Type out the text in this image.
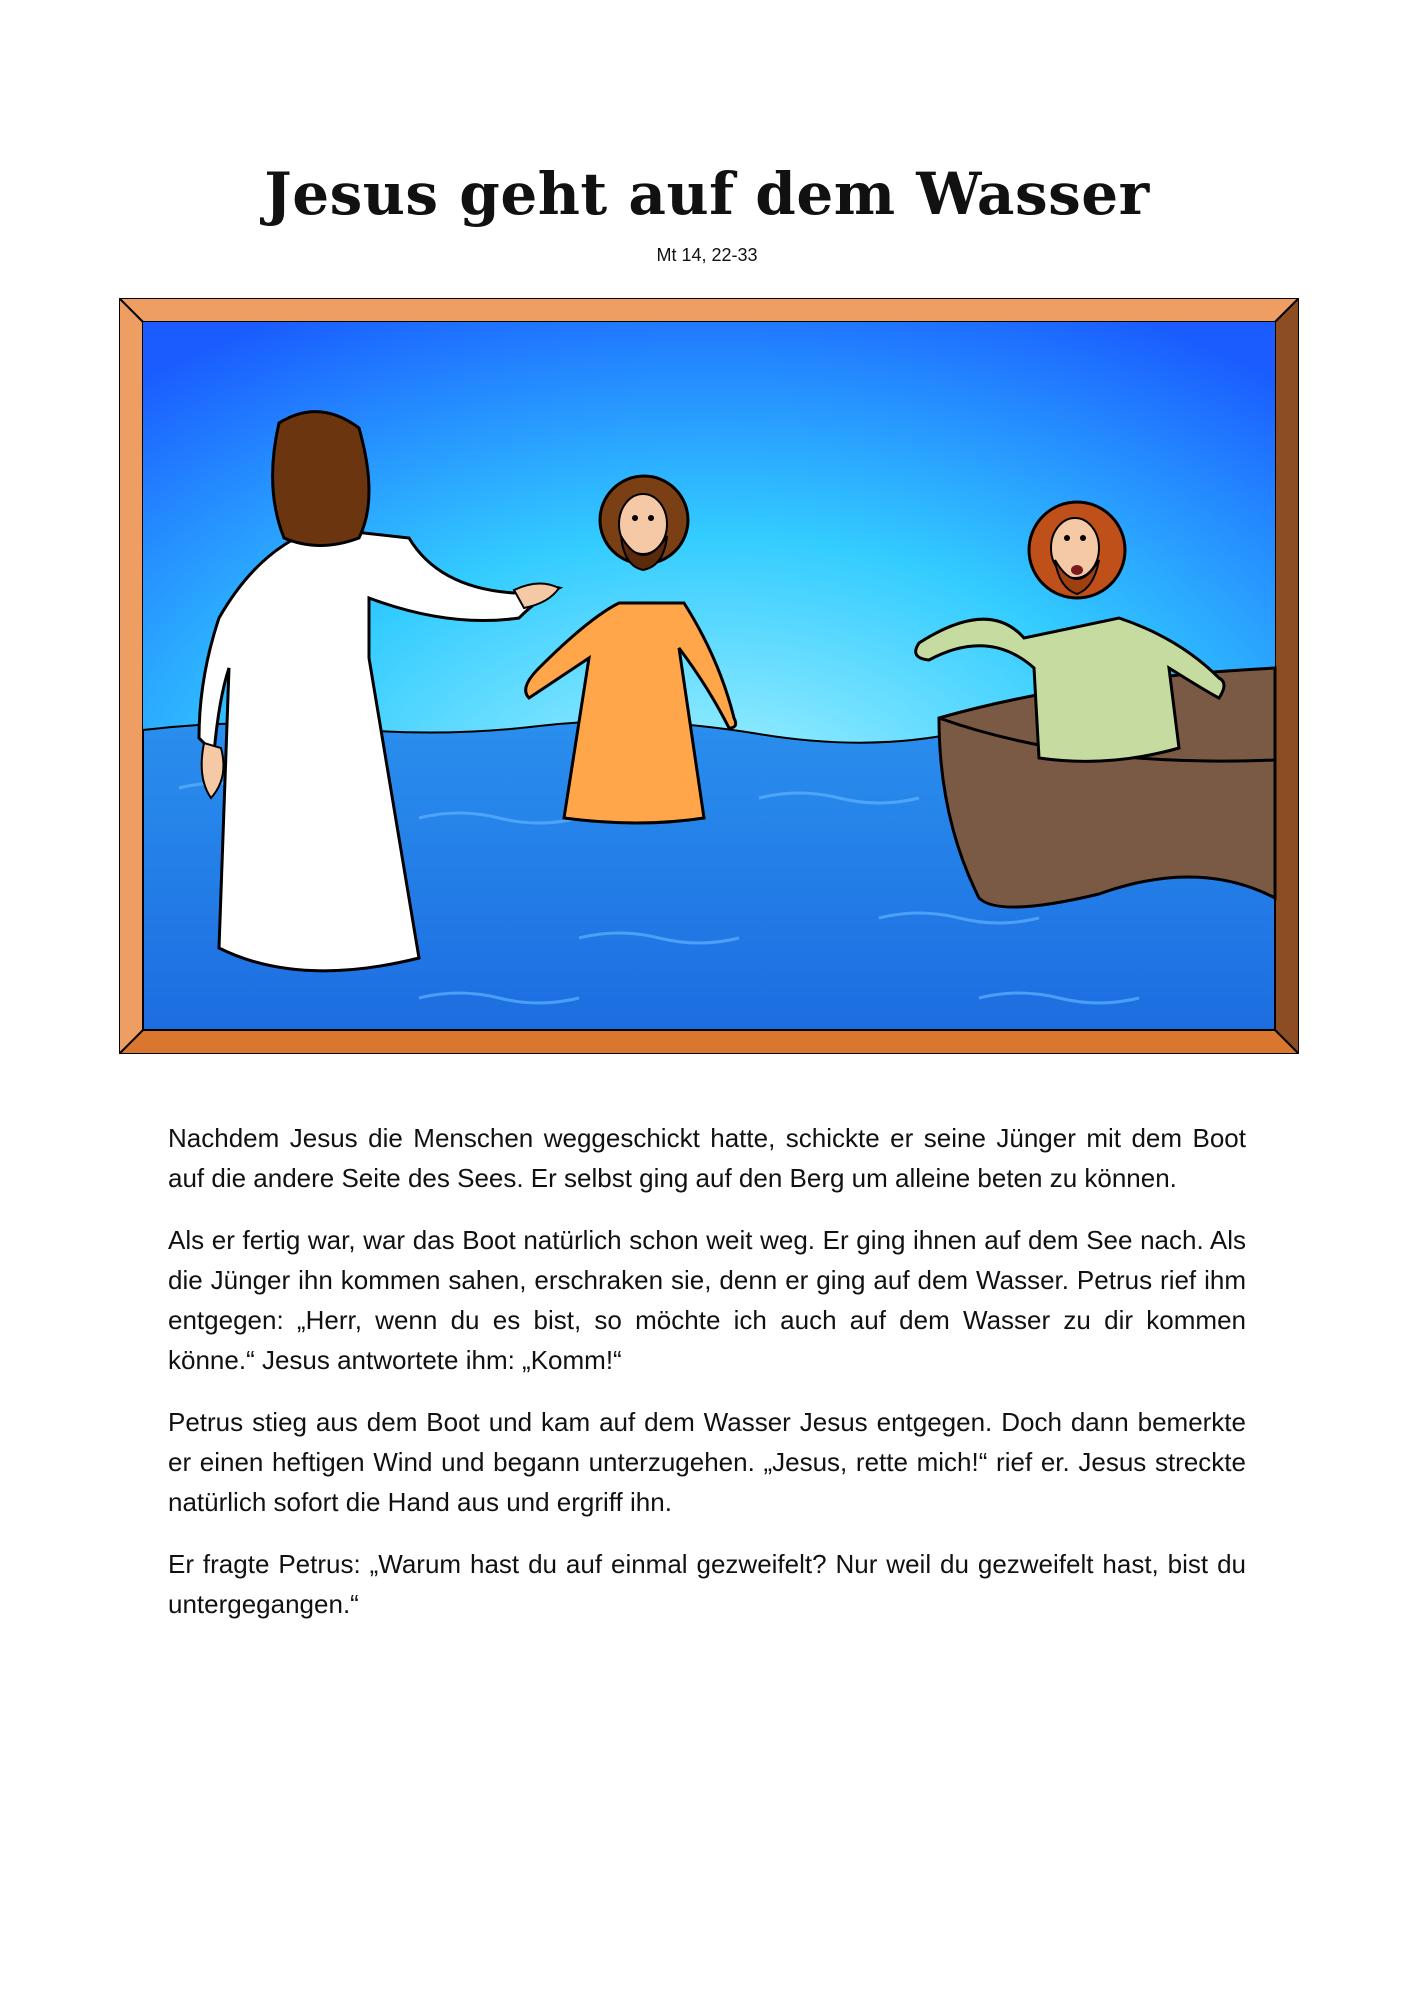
Jesus geht auf dem Wasser
Mt 14, 22-33

Nachdem Jesus die Menschen weggeschickt hatte, schickte er seine Jünger mit dem Boot auf die andere Seite des Sees. Er selbst ging auf den Berg um alleine beten zu können.

Als er fertig war, war das Boot natürlich schon weit weg. Er ging ihnen auf dem See nach. Als die Jünger ihn kommen sahen, erschraken sie, denn er ging auf dem Wasser. Petrus rief ihm entgegen: „Herr, wenn du es bist, so möchte ich auch auf dem Wasser zu dir kommen könne.“ Jesus antwortete ihm: „Komm!“

Petrus stieg aus dem Boot und kam auf dem Wasser Jesus entgegen. Doch dann bemerkte er einen heftigen Wind und begann unterzugehen. „Jesus, rette mich!“ rief er. Jesus streckte natürlich sofort die Hand aus und ergriff ihn.

Er fragte Petrus: „Warum hast du auf einmal gezweifelt? Nur weil du gezweifelt hast, bist du untergegangen.“
